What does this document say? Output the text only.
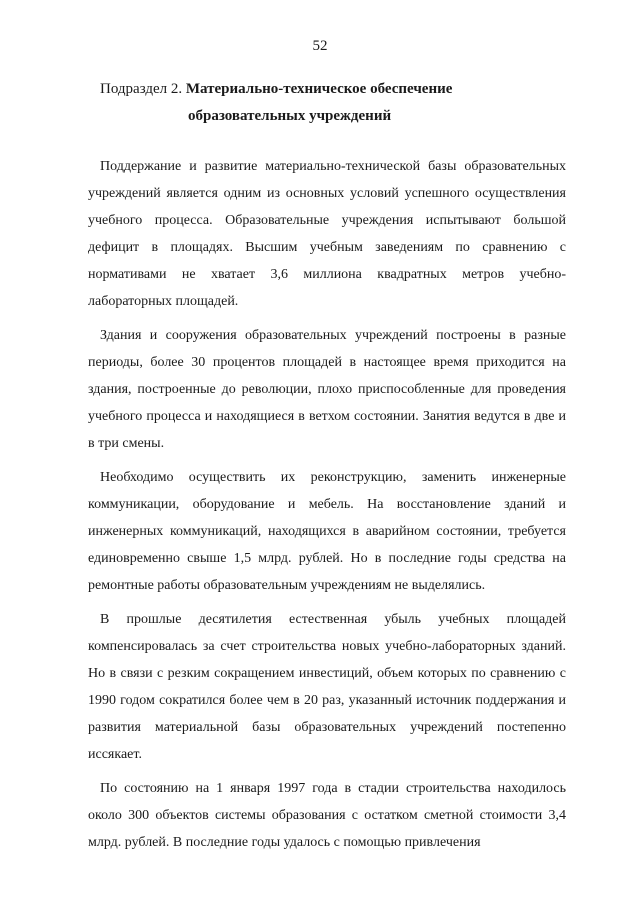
52
Подраздел 2. Материально-техническое обеспечение
образовательных учреждений

Поддержание и развитие материально-технической базы образовательных учреждений является одним из основных условий успешного осуществления учебного процесса. Образовательные учреждения испытывают большой дефицит в площадях. Высшим учебным заведениям по сравнению с нормативами не хватает 3,6 миллиона квадратных метров учебно-лабораторных площадей.

Здания и сооружения образовательных учреждений построены в разные периоды, более 30 процентов площадей в настоящее время приходится на здания, построенные до революции, плохо приспособленные для проведения учебного процесса и находящиеся в ветхом состоянии. Занятия ведутся в две и в три смены.

Необходимо осуществить их реконструкцию, заменить инженерные коммуникации, оборудование и мебель. На восстановление зданий и инженерных коммуникаций, находящихся в аварийном состоянии, требуется единовременно свыше 1,5 млрд. рублей. Но в последние годы средства на ремонтные работы образовательным учреждениям не выделялись.

В прошлые десятилетия естественная убыль учебных площадей компенсировалась за счет строительства новых учебно-лабораторных зданий. Но в связи с резким сокращением инвестиций, объем которых по сравнению с 1990 годом сократился более чем в 20 раз, указанный источник поддержания и развития материальной базы образовательных учреждений постепенно иссякает.

По состоянию на 1 января 1997 года в стадии строительства находилось около 300 объектов системы образования с остатком сметной стоимости 3,4 млрд. рублей. В последние годы удалось с помощью привлечения
